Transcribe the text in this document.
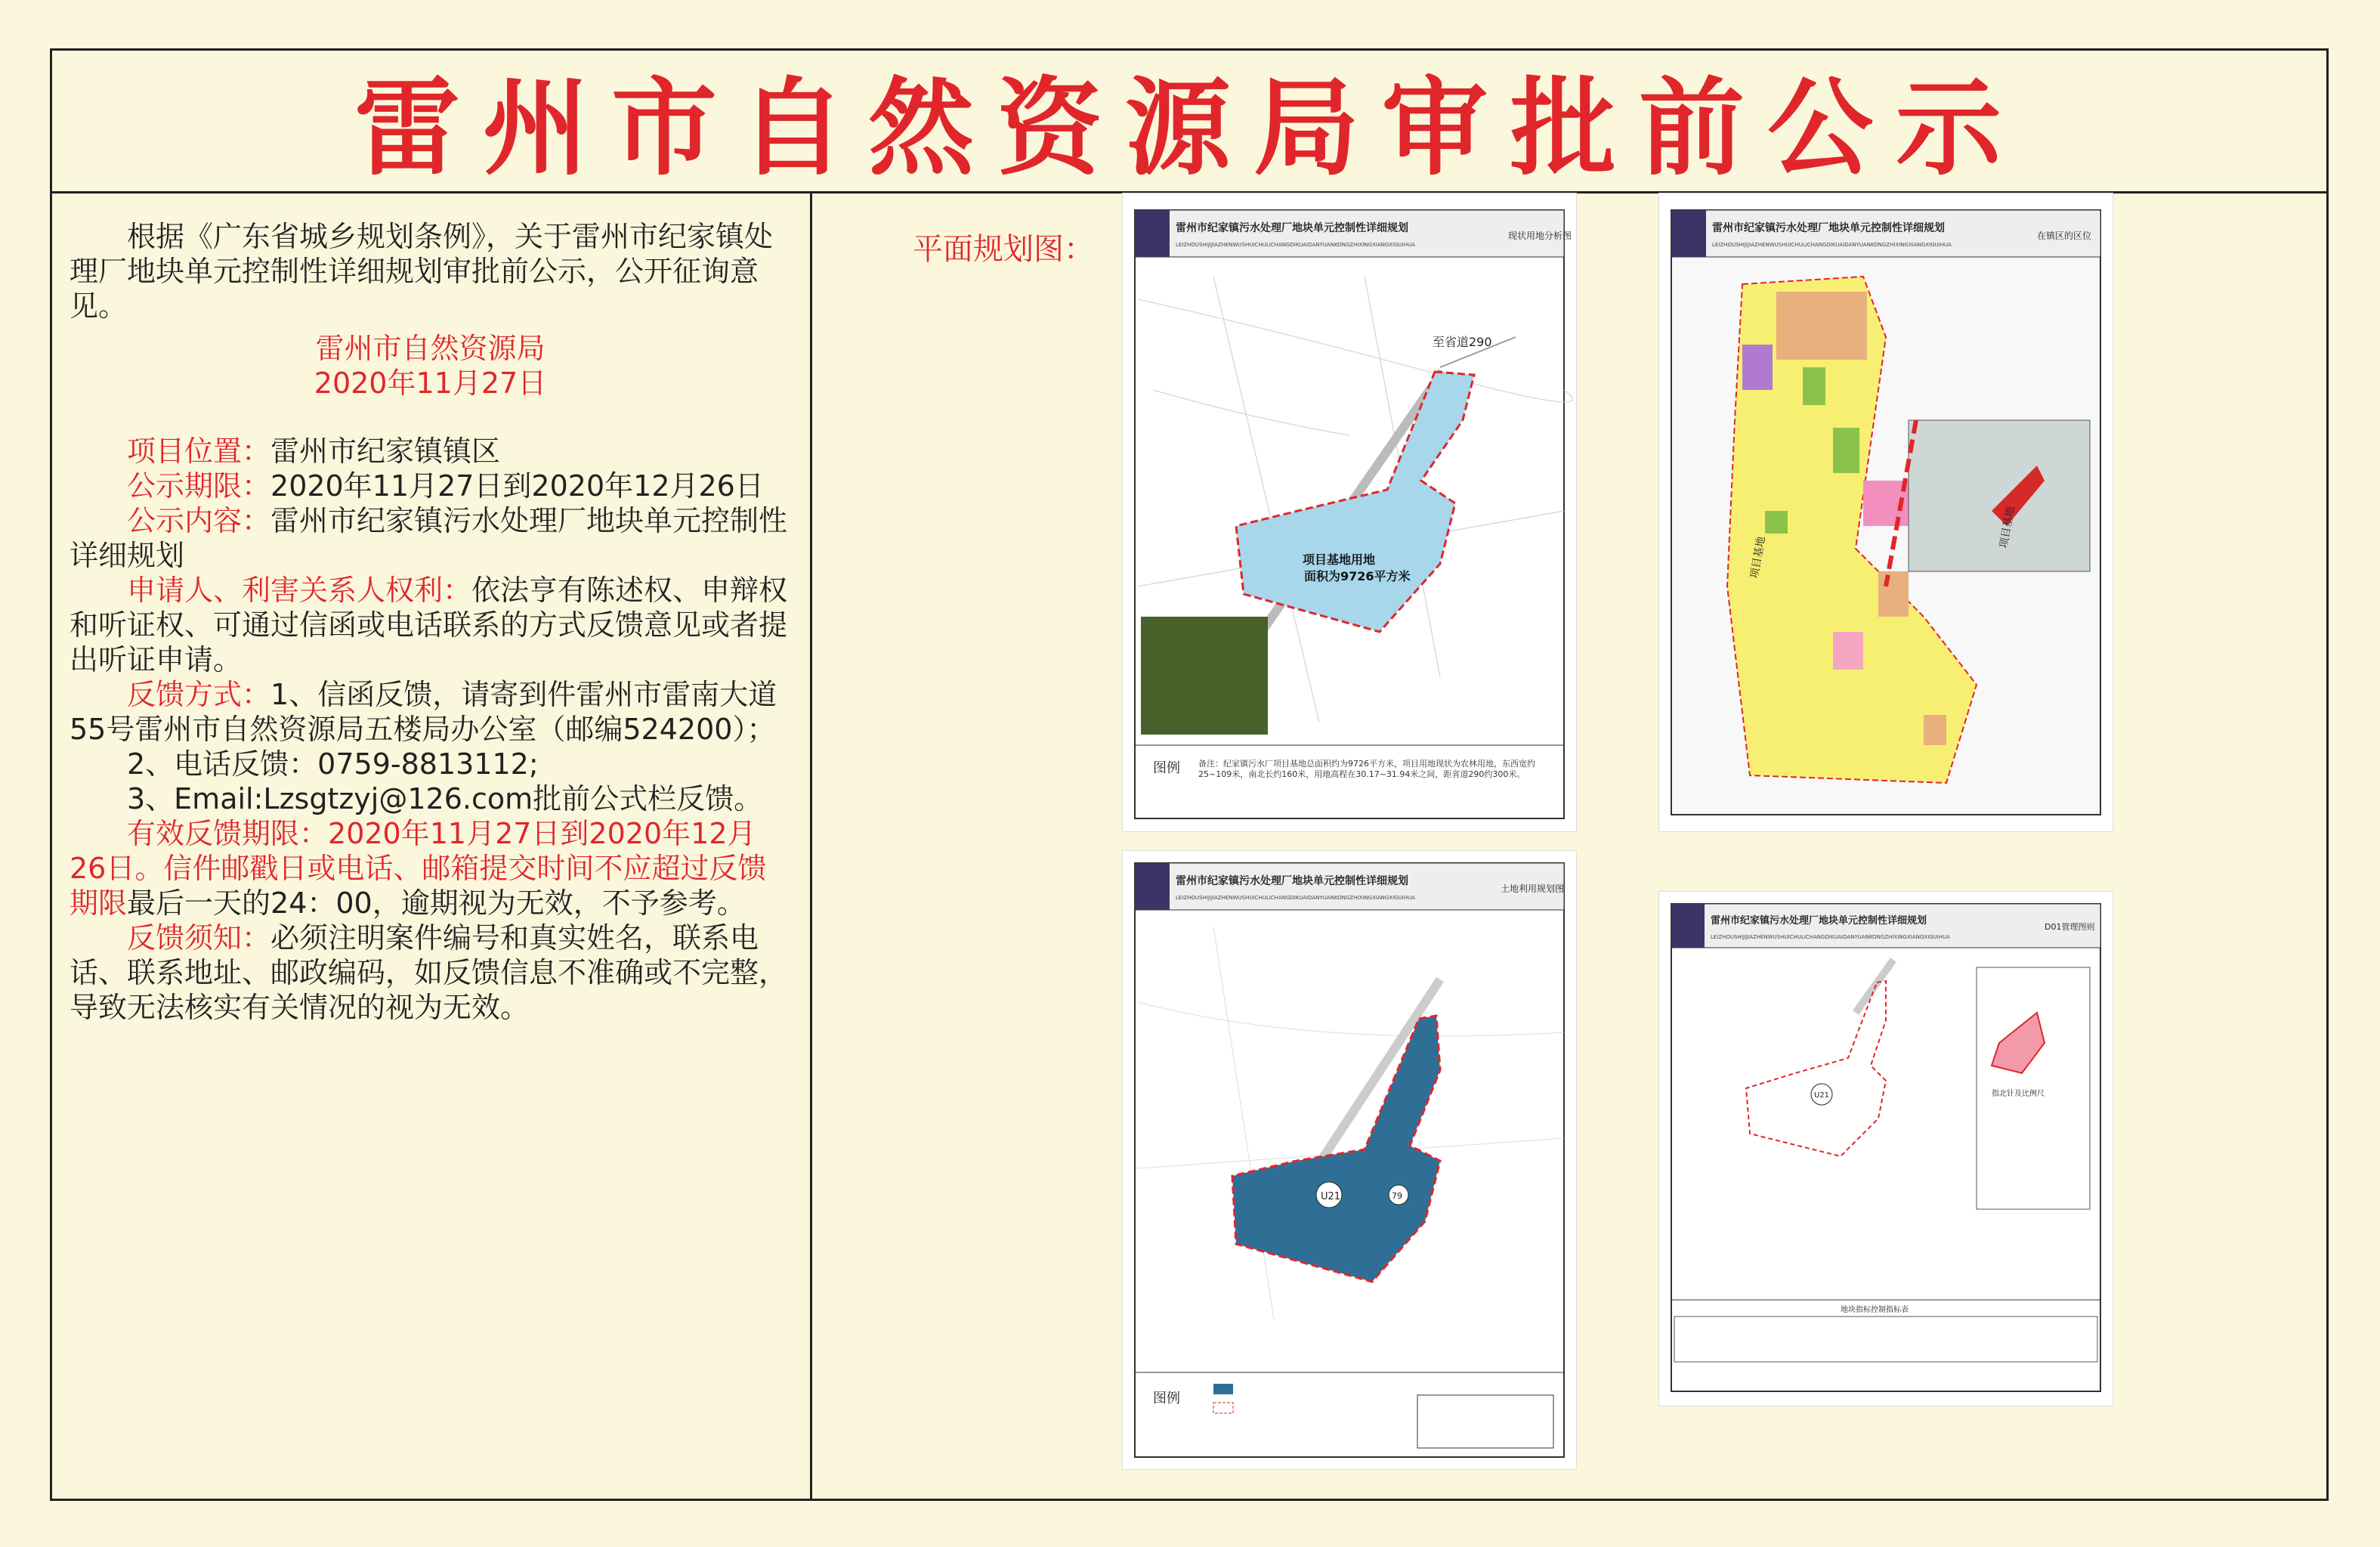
雷州市自然资源局审批前公示

根据《广东省城乡规划条例》，关于雷州市纪家镇处理厂地块单元控制性详细规划审批前公示，公开征询意见。

雷州市自然资源局

2020年11月27日

项目位置：雷州市纪家镇镇区

公示期限：2020年11月27日到2020年12月26日

公示内容：雷州市纪家镇污水处理厂地块单元控制性详细规划

申请人、利害关系人权利：依法亨有陈述权、申辩权和听证权、可通过信函或电话联系的方式反馈意见或者提出听证申请。

反馈方式：1、信函反馈，请寄到件雷州市雷南大道55号雷州市自然资源局五楼局办公室（邮编524200）；

2、电话反馈：0759-8813112;

3、Email:Lzsgtzyj@126.com批前公式栏反馈。

有效反馈期限：2020年11月27日到2020年12月26日。信件邮戳日或电话、邮箱提交时间不应超过反馈期限最后一天的24：00，逾期视为无效，不予参考。

反馈须知：必须注明案件编号和真实姓名，联系电话、联系地址、邮政编码，如反馈信息不准确或不完整，导致无法核实有关情况的视为无效。

平面规划图：
雷州市纪家镇污水处理厂地块单元控制性详细规划
LEIZHOUSHIJIJIAZHENWUSHUICHULICHANGDIKUAIDANYUANKONGZHIXINGXIANGXIGUIHUA
现状用地分析图
至省道290
项目基地用地
面积为9726平方米
图例 备注：纪家镇污水厂项目基地总面积约为9726平方米，项目用地现状为农林用地，东西宽约25~109米，南北长约160米，用地高程在30.17~31.94米之间，距省道290约300米。
雷州市纪家镇污水处理厂地块单元控制性详细规划
LEIZHOUSHIJIJIAZHENWUSHUICHULICHANGDIKUAIDANYUANKONGZHIXINGXIANGXIGUIHUA
在镇区的区位
项目基地
项目基地
雷州市纪家镇污水处理厂地块单元控制性详细规划
LEIZHOUSHIJIJIAZHENWUSHUICHULICHANGDIKUAIDANYUANKONGZHIXINGXIANGXIGUIHUA
土地利用规划图
U21	79
图例
雷州市纪家镇污水处理厂地块单元控制性详细规划
LEIZHOUSHIJIJIAZHENWUSHUICHULICHANGDIKUAIDANYUANKONGZHIXINGXIANGXIGUIHUA
D01管理图则
U21	指北针及比例尺
地块指标控制指标表
